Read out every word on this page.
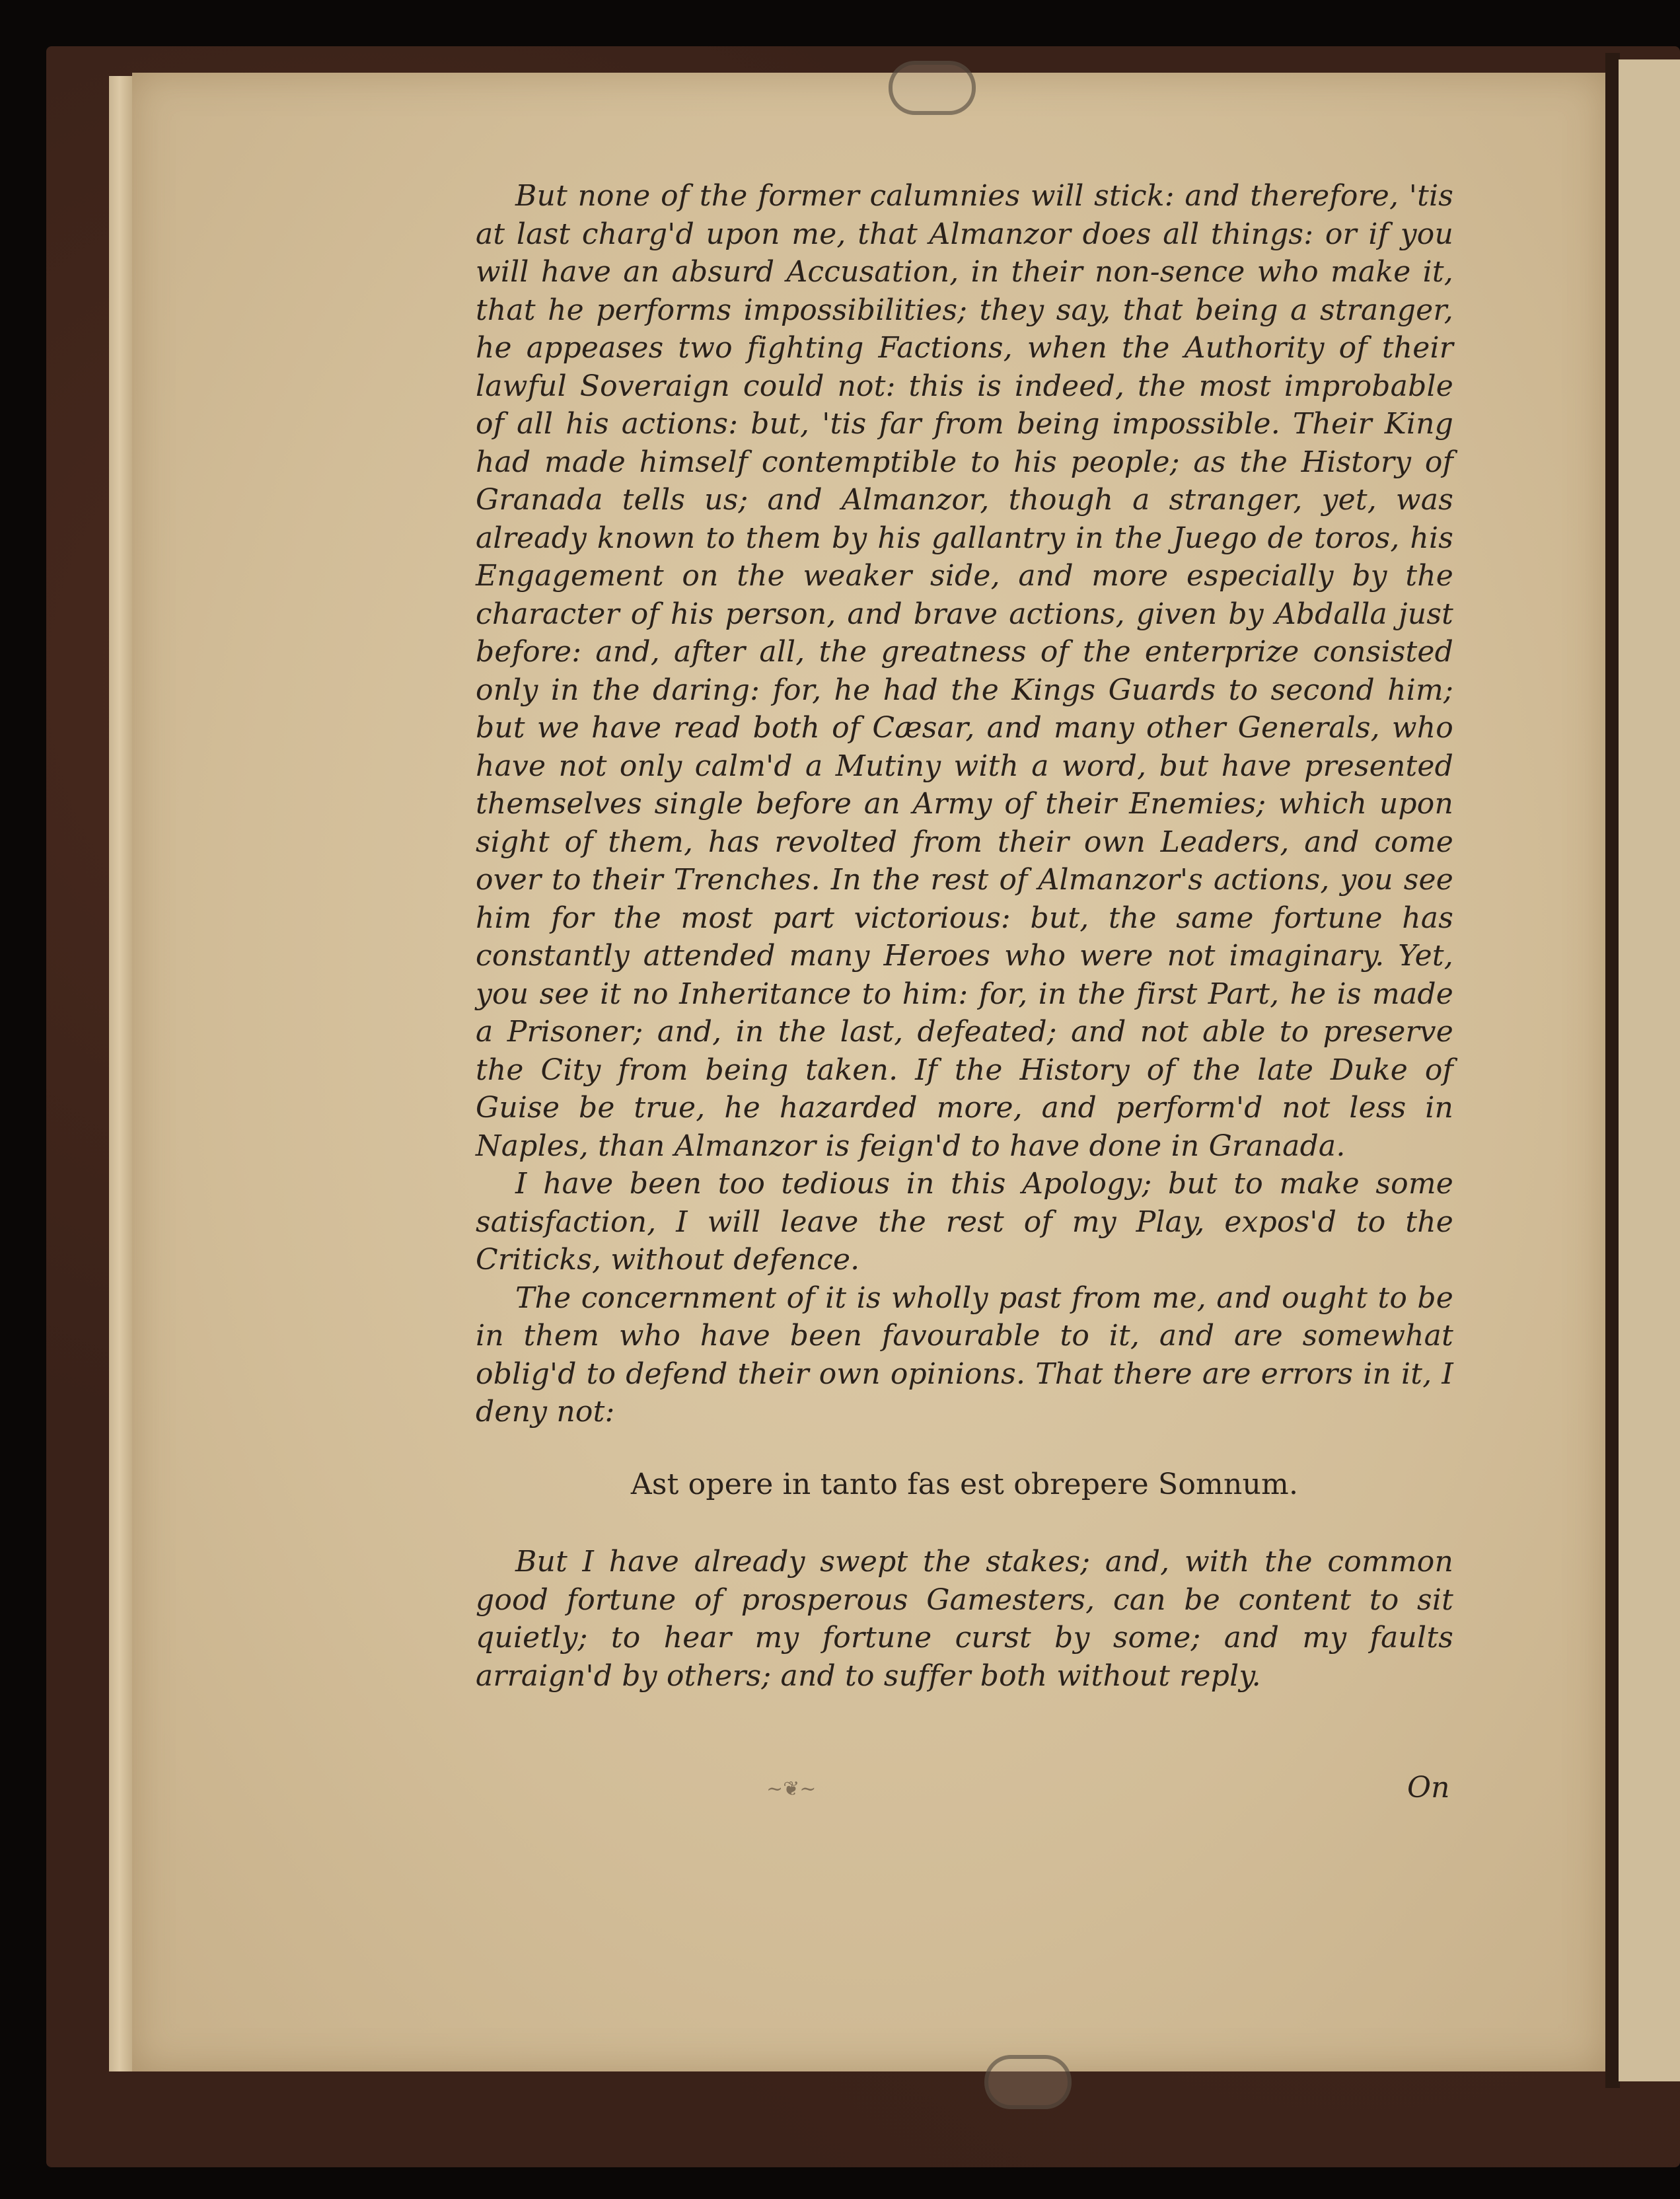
But none of the former calumnies will stick: and therefore, 'tis at last charg'd upon me, that Almanzor does all things: or if you will have an absurd Accusation, in their non-sence who make it, that he performs impossibilities; they say, that being a stranger, he appeases two fighting Factions, when the Authority of their lawful Soveraign could not: this is indeed, the most improbable of all his actions: but, 'tis far from being impossible. Their King had made himself contemptible to his people; as the History of Granada tells us; and Almanzor, though a stranger, yet, was already known to them by his gallantry in the Juego de toros, his Engagement on the weaker side, and more especially by the character of his person, and brave actions, given by Abdalla just before: and, after all, the greatness of the enterprize consisted only in the daring: for, he had the Kings Guards to second him; but we have read both of Cæsar, and many other Generals, who have not only calm'd a Mutiny with a word, but have presented themselves single before an Army of their Enemies; which upon sight of them, has revolted from their own Leaders, and come over to their Trenches. In the rest of Almanzor's actions, you see him for the most part victorious: but, the same fortune has constantly attended many Heroes who were not imaginary. Yet, you see it no Inheritance to him: for, in the first Part, he is made a Prisoner; and, in the last, defeated; and not able to preserve the City from being taken. If the History of the late Duke of Guise be true, he hazarded more, and perform'd not less in Naples, than Almanzor is feign'd to have done in Granada.

I have been too tedious in this Apology; but to make some satisfaction, I will leave the rest of my Play, expos'd to the Criticks, without defence.

The concernment of it is wholly past from me, and ought to be in them who have been favourable to it, and are somewhat oblig'd to defend their own opinions. That there are errors in it, I deny not:

Ast opere in tanto fas est obrepere Somnum.

But I have already swept the stakes; and, with the common good fortune of prosperous Gamesters, can be content to sit quietly; to hear my fortune curst by some; and my faults arraign'd by others; and to suffer both without reply.

~❦~	On
